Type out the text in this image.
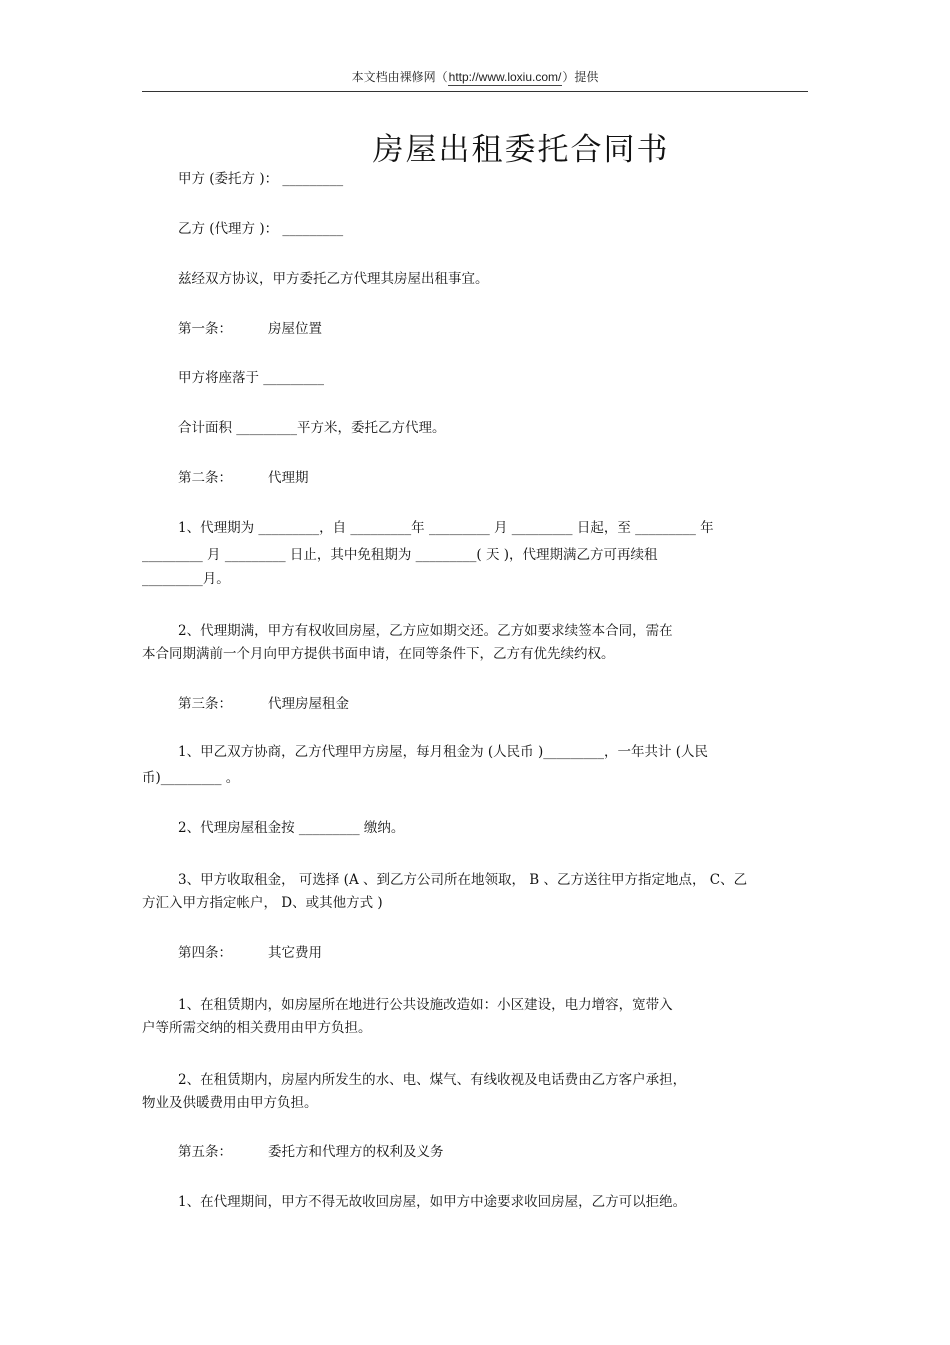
本文档由裸修网（http://www.loxiu.com/）提供
房屋出租委托合同书
甲方 (委托方 )： _________
乙方 (代理方 )： _________
兹经双方协议，甲方委托乙方代理其房屋出租事宜。
第一条：	房屋位置
甲方将座落于 _________
合计面积 _________平方米，委托乙方代理。
第二条：	代理期
1、代理期为 _________，自 _________年 _________ 月 _________ 日起，至 _________ 年
_________ 月 _________ 日止，其中免租期为 _________( 天 )，代理期满乙方可再续租
_________月。
2、代理期满，甲方有权收回房屋，乙方应如期交还。乙方如要求续签本合同，需在
本合同期满前一个月向甲方提供书面申请，在同等条件下，乙方有优先续约权。
第三条：	代理房屋租金
1、甲乙双方协商，乙方代理甲方房屋，每月租金为 (人民币 )_________，一年共计 (人民
币)_________ 。
2、代理房屋租金按 _________ 缴纳。
3、甲方收取租金， 可选择 (A 、到乙方公司所在地领取， B 、乙方送往甲方指定地点， C、乙
方汇入甲方指定帐户， D、或其他方式 )
第四条：	其它费用
1、在租赁期内，如房屋所在地进行公共设施改造如：小区建设，电力增容，宽带入
户等所需交纳的相关费用由甲方负担。
2、在租赁期内，房屋内所发生的水、电、煤气、有线收视及电话费由乙方客户承担，
物业及供暖费用由甲方负担。
第五条：	委托方和代理方的权利及义务
1、在代理期间，甲方不得无故收回房屋，如甲方中途要求收回房屋，乙方可以拒绝。
